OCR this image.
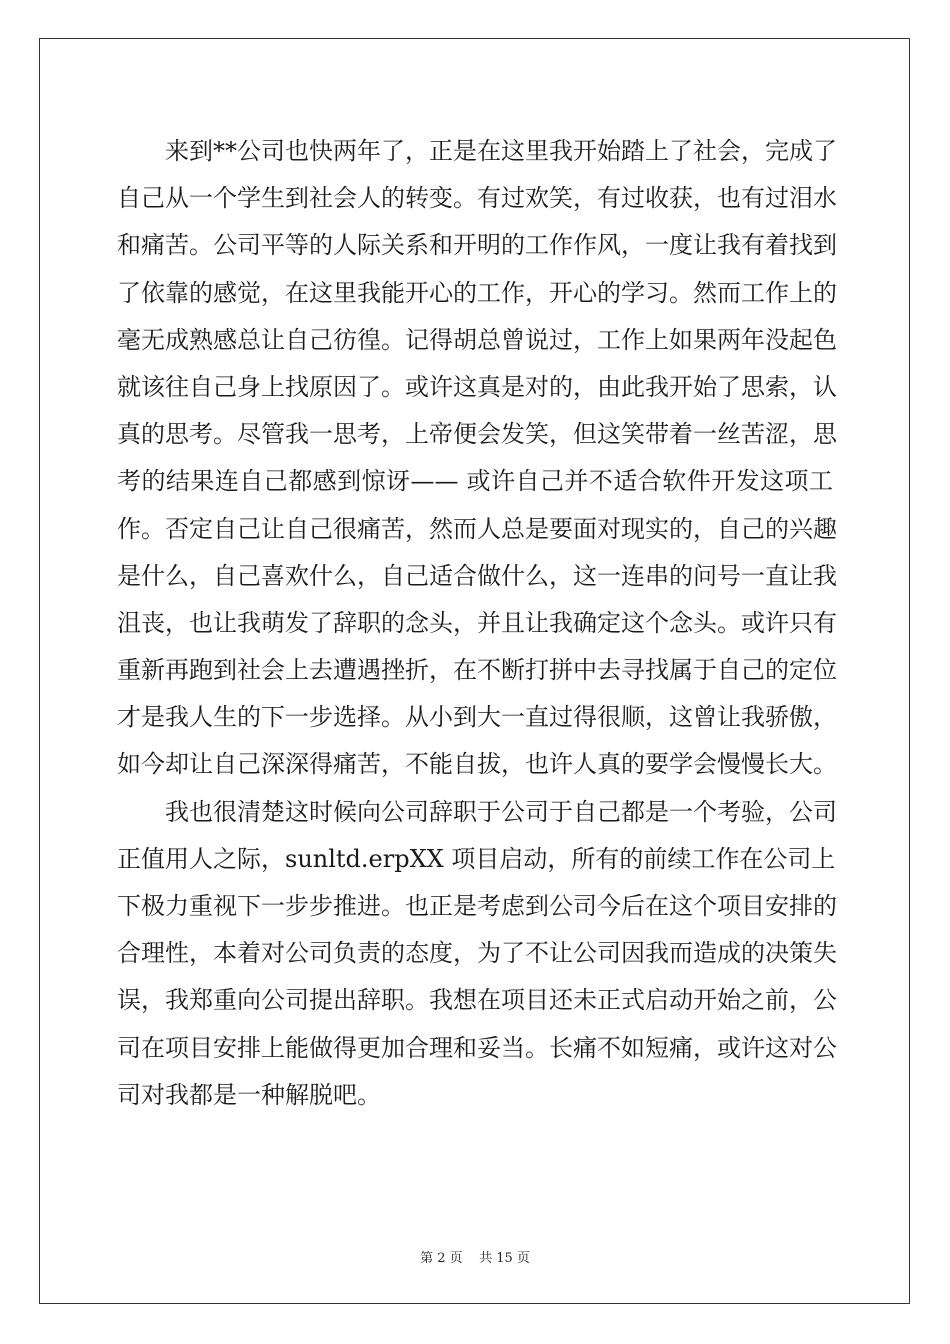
来到**公司也快两年了，正是在这里我开始踏上了社会，完成了
自己从一个学生到社会人的转变。有过欢笑，有过收获，也有过泪水
和痛苦。公司平等的人际关系和开明的工作作风，一度让我有着找到
了依靠的感觉，在这里我能开心的工作，开心的学习。然而工作上的
毫无成熟感总让自己彷徨。记得胡总曾说过，工作上如果两年没起色
就该往自己身上找原因了。或许这真是对的，由此我开始了思索，认
真的思考。尽管我一思考，上帝便会发笑，但这笑带着一丝苦涩，思
考的结果连自己都感到惊讶—— 或许自己并不适合软件开发这项工
作。否定自己让自己很痛苦，然而人总是要面对现实的，自己的兴趣
是什么，自己喜欢什么，自己适合做什么，这一连串的问号一直让我
沮丧，也让我萌发了辞职的念头，并且让我确定这个念头。或许只有
重新再跑到社会上去遭遇挫折，在不断打拼中去寻找属于自己的定位
才是我人生的下一步选择。从小到大一直过得很顺，这曾让我骄傲，
如今却让自己深深得痛苦，不能自拔，也许人真的要学会慢慢长大。
我也很清楚这时候向公司辞职于公司于自己都是一个考验，公司
正值用人之际，sunltd.erpXX 项目启动，所有的前续工作在公司上
下极力重视下一步步推进。也正是考虑到公司今后在这个项目安排的
合理性，本着对公司负责的态度，为了不让公司因我而造成的决策失
误，我郑重向公司提出辞职。我想在项目还未正式启动开始之前，公
司在项目安排上能做得更加合理和妥当。长痛不如短痛，或许这对公
司对我都是一种解脱吧。
第 2 页    共 15 页
